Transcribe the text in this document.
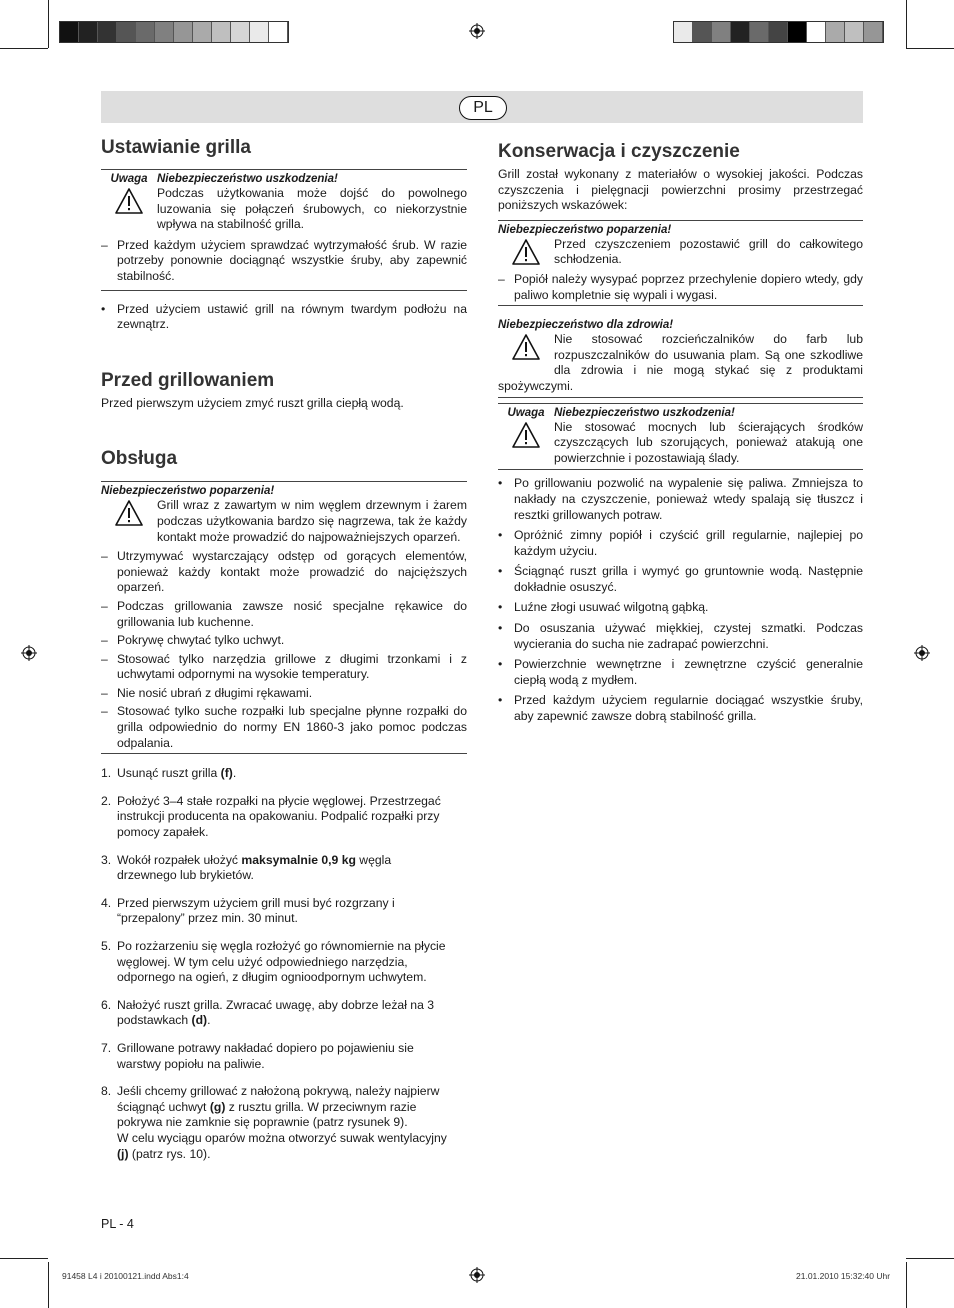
PL
Ustawianie grilla
Uwaga Niebezpieczeństwo uszkodzenia!

Podczas użytkowania może dojść do powolnego luzowania się połączeń śrubowych, co niekorzystnie wpływa na stabilność grilla.

– Przed każdym użyciem sprawdzać wytrzymałość śrub. W razie potrzeby ponownie dociągnąć wszystkie śruby, aby zapewnić stabilność.
• Przed użyciem ustawić grill na równym twardym podłożu na zewnątrz.
Przed grillowaniem

Przed pierwszym użyciem zmyć ruszt grilla ciepłą wodą.

Obsługa
Niebezpieczeństwo poparzenia!

Grill wraz z zawartym w nim węglem drzewnym i żarem podczas użytkowania bardzo się nagrzewa, tak że każdy kontakt może prowadzić do najpoważniejszych oparzeń.

– Utrzymywać wystarczający odstęp od gorących elementów, ponieważ każdy kontakt może prowadzić do najcięższych oparzeń.
– Podczas grillowania zawsze nosić specjalne rękawice do grillowania lub kuchenne.
– Pokrywę chwytać tylko uchwyt.
– Stosować tylko narzędzia grillowe z długimi trzonkami i z uchwytami odpornymi na wysokie temperatury.
– Nie nosić ubrań z długimi rękawami.
– Stosować tylko suche rozpałki lub specjalne płynne rozpałki do grilla odpowiednio do normy EN 1860-3 jako pomoc podczas odpalania.
1. Usunąć ruszt grilla (f).
2. Położyć 3–4 stałe rozpałki na płycie węglowej. Przestrzegać instrukcji producenta na opakowaniu. Podpalić rozpałki przy pomocy zapałek.
3. Wokół rozpałek ułożyć maksymalnie 0,9 kg węgla drzewnego lub brykietów.
4. Przed pierwszym użyciem grill musi być rozgrzany i “przepalony” przez min. 30 minut.
5. Po rozżarzeniu się węgla rozłożyć go równomiernie na płycie węglowej. W tym celu użyć odpowiedniego narzędzia, odpornego na ogień, z długim ognioodpornym uchwytem.
6. Nałożyć ruszt grilla. Zwracać uwagę, aby dobrze leżał na 3 podstawkach (d).
7. Grillowane potrawy nakładać dopiero po pojawieniu sie warstwy popiołu na paliwie.
8. Jeśli chcemy grillować z nałożoną pokrywą, należy najpierw ściągnąć uchwyt (g) z rusztu grilla. W przeciwnym razie pokrywa nie zamknie się poprawnie (patrz rysunek 9).
W celu wyciągu oparów można otworzyć suwak wentylacyjny (j) (patrz rys. 10).
Konserwacja i czyszczenie

Grill został wykonany z materiałów o wysokiej jakości. Podczas czyszczenia i pielęgnacji powierzchni prosimy przestrzegać poniższych wskazówek:

Niebezpieczeństwo poparzenia!

Przed czyszczeniem pozostawić grill do całkowitego schłodzenia.

– Popiół należy wysypać poprzez przechylenie dopiero wtedy, gdy paliwo kompletnie się wypali i wygasi.
Niebezpieczeństwo dla zdrowia!

Nie stosować rozcieńczalników do farb lub rozpuszczalników do usuwania plam. Są one szkodliwe dla zdrowia i nie mogą stykać się z produktami spożywczymi.

Uwaga Niebezpieczeństwo uszkodzenia!

Nie stosować mocnych lub ścierających środków czyszczących lub szorujących, ponieważ atakują one powierzchnie i pozostawiają ślady.

• Po grillowaniu pozwolić na wypalenie się paliwa. Zmniejsza to nakłady na czyszczenie, ponieważ wtedy spalają się tłuszcz i resztki grillowanych potraw.
• Opróżnić zimny popiół i czyścić grill regularnie, najlepiej po każdym użyciu.
• Ściągnąć ruszt grilla i wymyć go gruntownie wodą. Następnie dokładnie osuszyć.
• Luźne złogi usuwać wilgotną gąbką.
• Do osuszania używać miękkiej, czystej szmatki. Podczas wycierania do sucha nie zadrapać powierzchni.
• Powierzchnie wewnętrzne i zewnętrzne czyścić generalnie ciepłą wodą z mydłem.
• Przed każdym użyciem regularnie dociągać wszystkie śruby, aby zapewnić zawsze dobrą stabilność grilla.
PL - 4
91458 L4 i 20100121.indd Abs1:4	21.01.2010 15:32:40 Uhr
